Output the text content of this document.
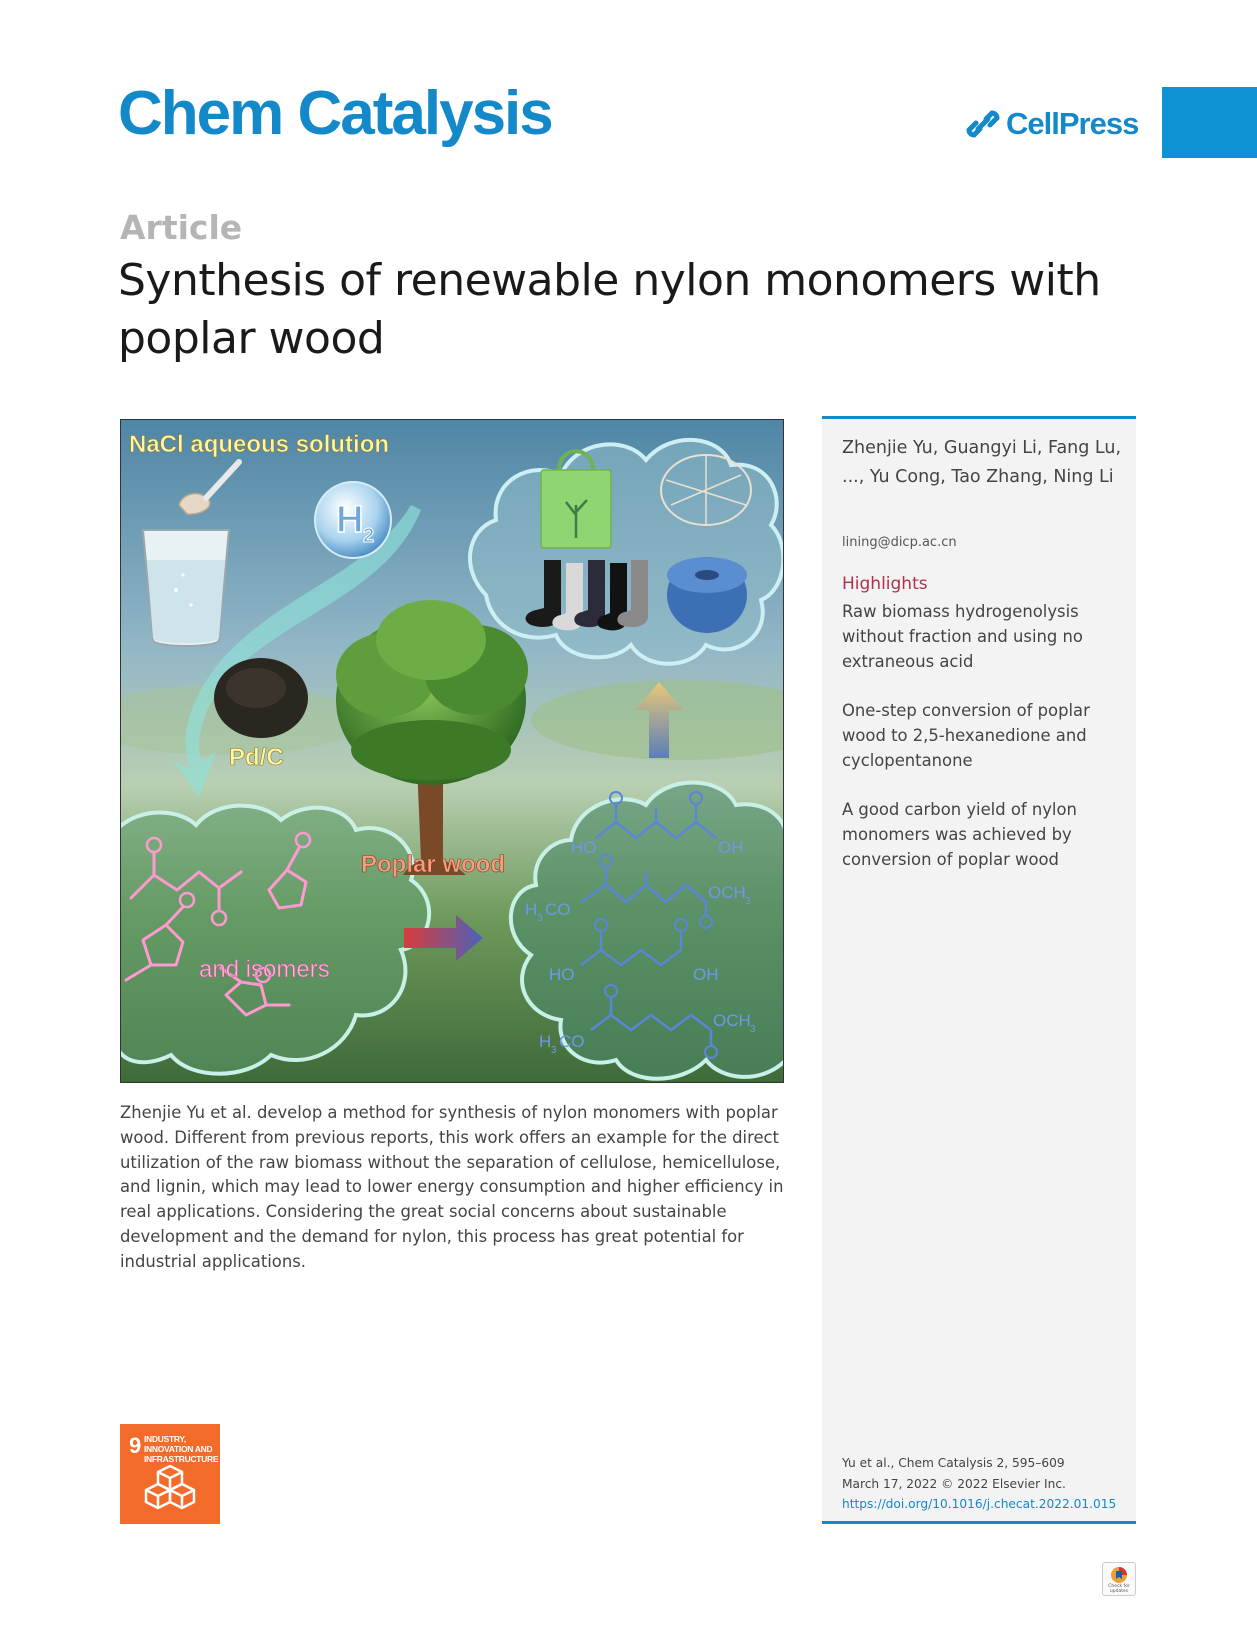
Chem Catalysis	CellPress
Article
Synthesis of renewable nylon monomers with poplar wood
NaCl aqueous solution
H 2
Pd/C
Poplar wood
and isomers
HO	OH
H 3 CO
OCH 3
HO	OH
H 3 CO
OCH 3

Zhenjie Yu et al. develop a method for synthesis of nylon monomers with poplar wood. Different from previous reports, this work offers an example for the direct utilization of the raw biomass without the separation of cellulose, hemicellulose, and lignin, which may lead to lower energy consumption and higher efficiency in real applications. Considering the great social concerns about sustainable development and the demand for nylon, this process has great potential for industrial applications.

Zhenjie Yu, Guangyi Li, Fang Lu, ..., Yu Cong, Tao Zhang, Ning Li

lining@dicp.ac.cn
Highlights
Raw biomass hydrogenolysis without fraction and using no extraneous acid
One-step conversion of poplar wood to 2,5-hexanedione and cyclopentanone
A good carbon yield of nylon monomers was achieved by conversion of poplar wood
Yu et al., Chem Catalysis 2, 595–609
March 17, 2022 © 2022 Elsevier Inc.
https://doi.org/10.1016/j.checat.2022.01.015
9 INDUSTRY, INNOVATION AND INFRASTRUCTURE
Check for updates
